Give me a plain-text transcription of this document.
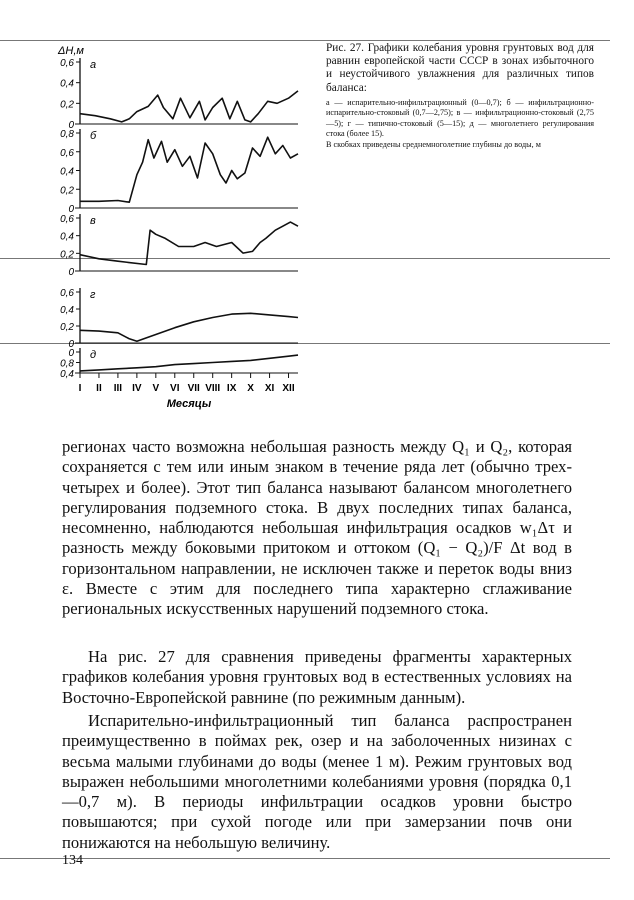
ΔH,м
0,6
0,4
0,2
0
а
0,8
0,6
0,4
0,2
0
б
0,6
0,4
0,2
0
в
0,6
0,4
0,2
0
г
0
0,8
0,4
д
I II III IV V VI VII VIII IX X XI XII
Месяцы
Рис. 27. Графики колебания уровня грунтовых вод для равнин европейской части СССР в зонах избыточного и неустойчивого увлажнения для различных типов баланса:
а — испарительно-инфильтрационный (0—0,7); б — инфильтрационно-испарительно-стоковый (0,7—2,75); в — инфильтрационно-стоковый (2,75—5); г — типично-стоковый (5—15); д — многолетнего регулирования стока (более 15).
В скобках приведены среднемноголетние глубины до воды, м

регионах часто возможна небольшая разность между Q₁ и Q₂, которая сохраняется с тем или иным знаком в течение ряда лет (обычно трех-четырех и более). Этот тип баланса называют балансом многолетнего регулирования подземного стока. В двух последних типах баланса, несомненно, наблюдаются небольшая инфильтрация осадков w₁Δτ и разность между боковыми притоком и оттоком (Q₁ − Q₂)/F Δt вод в горизонтальном направлении, не исключен также и переток воды вниз ε. Вместе с этим для последнего типа характерно сглаживание региональных искусственных нарушений подземного стока.

На рис. 27 для сравнения приведены фрагменты характерных графиков колебания уровня грунтовых вод в естественных условиях на Восточно-Европейской равнине (по режимным данным).

Испарительно-инфильтрационный тип баланса распространен преимущественно в поймах рек, озер и на заболоченных низинах с весьма малыми глубинами до воды (менее 1 м). Режим грунтовых вод выражен небольшими многолетними колебаниями уровня (порядка 0,1—0,7 м). В периоды инфильтрации осадков уровни быстро повышаются; при сухой погоде или при замерзании почв они понижаются на небольшую величину.

134
